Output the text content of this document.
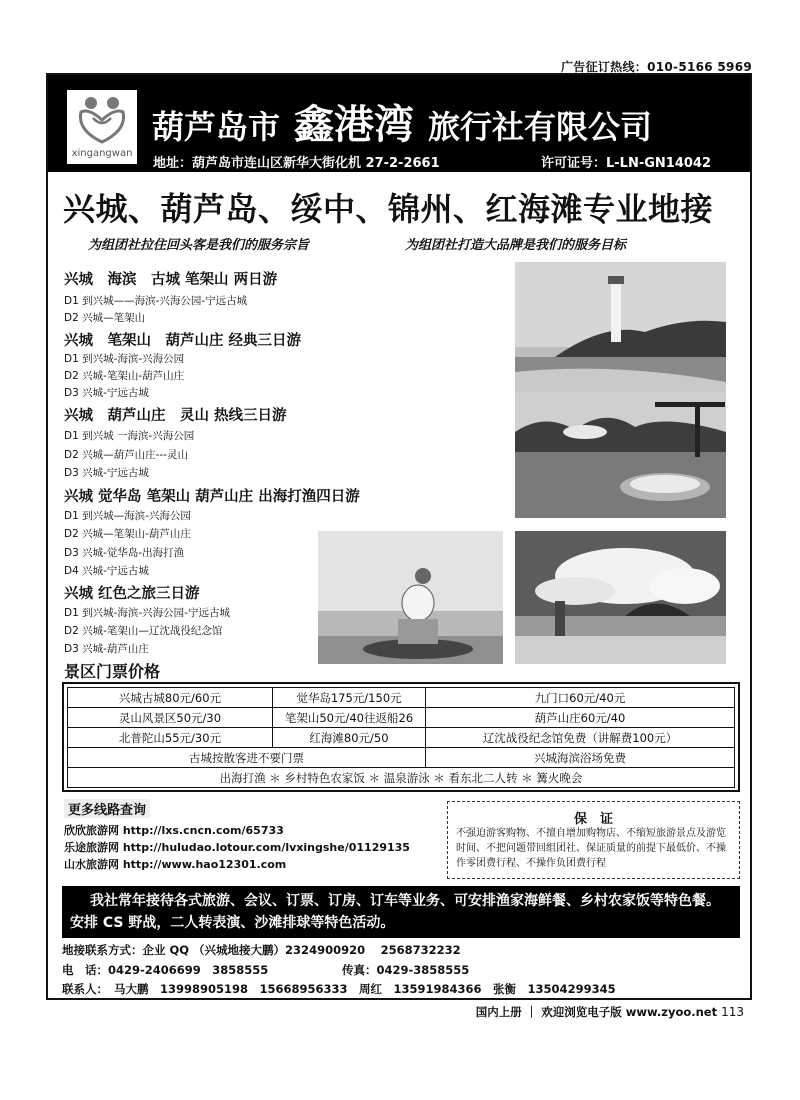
广告征订热线：010-5166 5969
xingangwan
葫芦岛市 鑫港湾 旅行社有限公司
地址：葫芦岛市连山区新华大街化机 27-2-2661	许可证号：L-LN-GN14042
兴城、葫芦岛、绥中、锦州、红海滩专业地接
为组团社拉住回头客是我们的服务宗旨	为组团社打造大品牌是我们的服务目标
兴城　海滨　古城 笔架山 两日游
D1 到兴城——海滨-兴海公园-宁远古城
D2 兴城—笔架山
兴城　笔架山　葫芦山庄 经典三日游
D1 到兴城-海滨-兴海公园
D2 兴城-笔架山-葫芦山庄
D3 兴城-宁远古城
兴城　葫芦山庄　灵山 热线三日游
D1 到兴城 一海滨-兴海公园
D2 兴城—葫芦山庄---灵山
D3 兴城-宁远古城
兴城 觉华岛 笔架山 葫芦山庄 出海打渔四日游
D1 到兴城—海滨-兴海公园
D2 兴城—笔架山-葫芦山庄
D3 兴城-觉华岛-出海打渔
D4 兴城-宁远古城
兴城 红色之旅三日游
D1 到兴城-海滨-兴海公园-宁远古城
D2 兴城-笔架山—辽沈战役纪念馆
D3 兴城-葫芦山庄
景区门票价格
兴城古城80元/60元	觉华岛175元/150元	九门口60元/40元
灵山风景区50元/30	笔架山50元/40往返船26	葫芦山庄60元/40
北普陀山55元/30元	红海滩80元/50	辽沈战役纪念馆免费（讲解费100元）
古城按散客进不要门票		兴城海滨浴场免费
出海打渔 ＊ 乡村特色农家饭 ＊ 温泉游泳 ＊ 看东北二人转 ＊ 篝火晚会		
更多线路查询
欣欣旅游网 http://lxs.cncn.com/65733
乐途旅游网 http://huludao.lotour.com/lvxingshe/01129135
山水旅游网 http://www.hao12301.com
保　证
不强迫游客购物、不擅自增加购物店、不缩短旅游景点及游览时间、不把问题带回组团社、保证质量的前提下最低价、不操作零团费行程、不操作负团费行程
我社常年接待各式旅游、会议、订票、订房、订车等业务、可安排渔家海鲜餐、乡村农家饭等特色餐。安排 CS 野战，二人转表演、沙滩排球等特色活动。
地接联系方式：企业 QQ （兴城地接大鹏）2324900920　 2568732232
电　话：0429-2406699　3858555	传真：0429-3858555
联系人： 马大鹏　13998905198　15668956333　周红　13591984366　张衡　13504299345
国内上册 ｜ 欢迎浏览电子版 www.zyoo.net 113
